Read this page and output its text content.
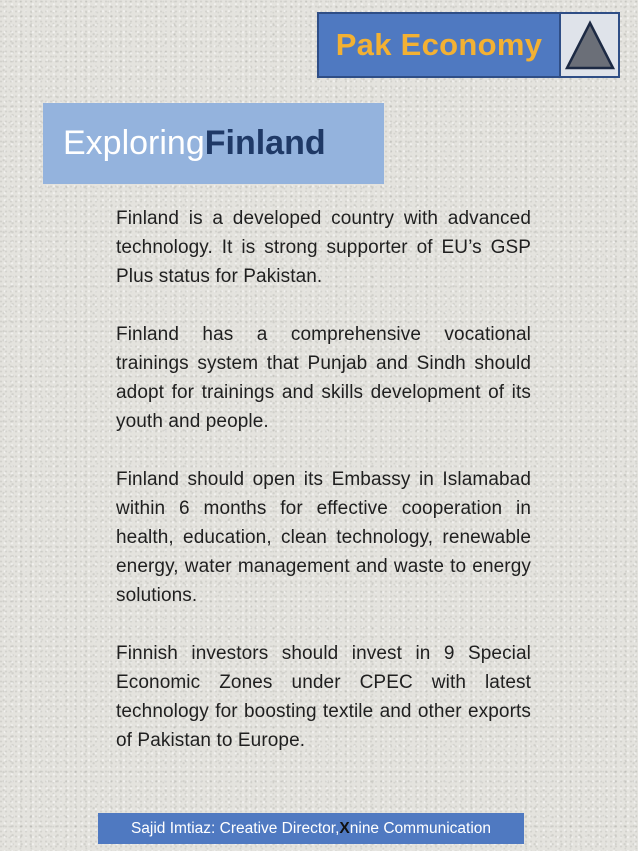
Pak Economy
Exploring Finland

Finland is a developed country with advanced technology. It is strong supporter of EU’s GSP Plus status for Pakistan.

Finland has a comprehensive vocational trainings system that Punjab and Sindh should adopt for trainings and skills development of its youth and people.

Finland should open its Embassy in Islamabad within 6 months for effective cooperation in health, education, clean technology, renewable energy, water management and waste to energy solutions.

Finnish investors should invest in 9 Special Economic Zones under CPEC with latest technology for boosting textile and other exports of Pakistan to Europe.

Sajid Imtiaz: Creative Director, X nine Communication
